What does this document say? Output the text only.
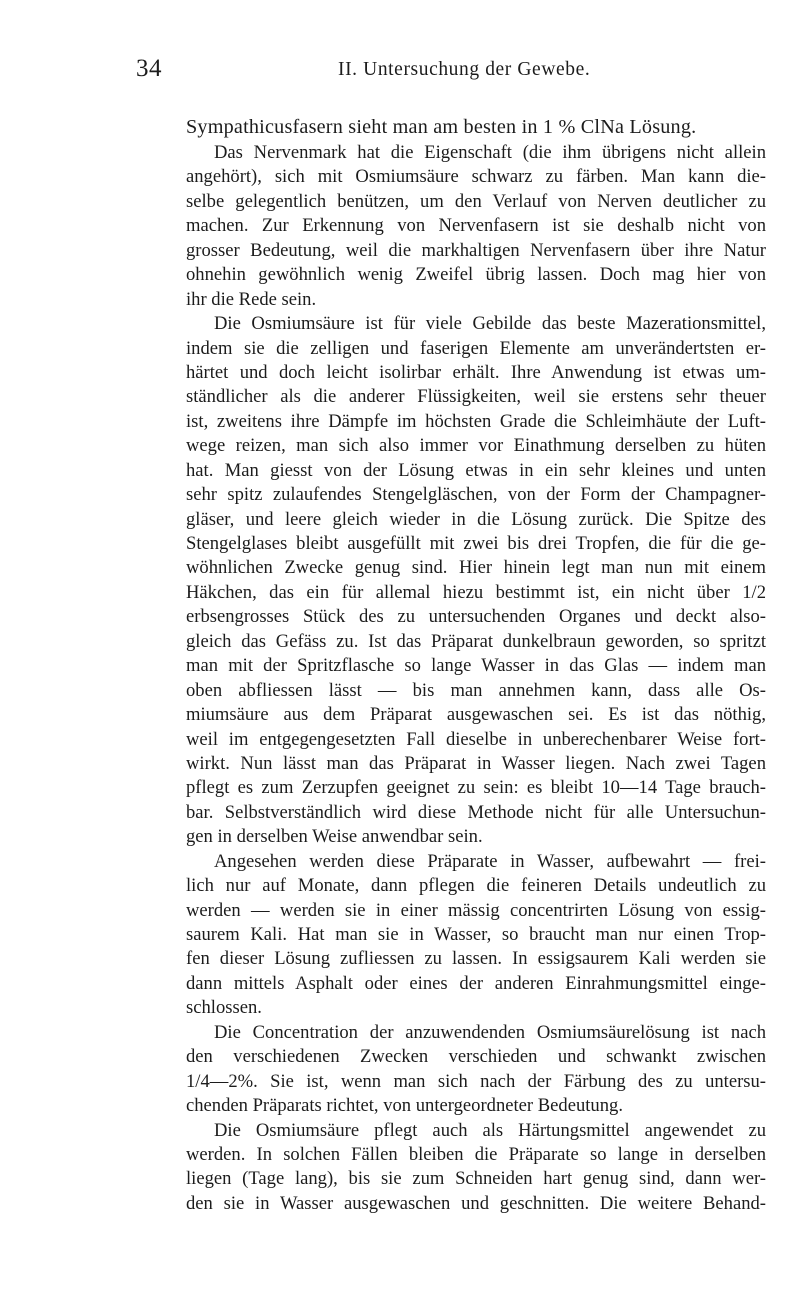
34	II. Untersuchung der Gewebe.
Sympathicusfasern sieht man am besten in 1 % ClNa Lösung.
Das Nervenmark hat die Eigenschaft (die ihm übrigens nicht allein
angehört), sich mit Osmiumsäure schwarz zu färben. Man kann die-
selbe gelegentlich benützen, um den Verlauf von Nerven deutlicher zu
machen. Zur Erkennung von Nervenfasern ist sie deshalb nicht von
grosser Bedeutung, weil die markhaltigen Nervenfasern über ihre Natur
ohnehin gewöhnlich wenig Zweifel übrig lassen. Doch mag hier von
ihr die Rede sein.
Die Osmiumsäure ist für viele Gebilde das beste Mazerationsmittel,
indem sie die zelligen und faserigen Elemente am unverändertsten er-
härtet und doch leicht isolirbar erhält. Ihre Anwendung ist etwas um-
ständlicher als die anderer Flüssigkeiten, weil sie erstens sehr theuer
ist, zweitens ihre Dämpfe im höchsten Grade die Schleimhäute der Luft-
wege reizen, man sich also immer vor Einathmung derselben zu hüten
hat. Man giesst von der Lösung etwas in ein sehr kleines und unten
sehr spitz zulaufendes Stengelgläschen, von der Form der Champagner-
gläser, und leere gleich wieder in die Lösung zurück. Die Spitze des
Stengelglases bleibt ausgefüllt mit zwei bis drei Tropfen, die für die ge-
wöhnlichen Zwecke genug sind. Hier hinein legt man nun mit einem
Häkchen, das ein für allemal hiezu bestimmt ist, ein nicht über 1/2
erbsengrosses Stück des zu untersuchenden Organes und deckt also-
gleich das Gefäss zu. Ist das Präparat dunkelbraun geworden, so spritzt
man mit der Spritzflasche so lange Wasser in das Glas — indem man
oben abfliessen lässt — bis man annehmen kann, dass alle Os-
miumsäure aus dem Präparat ausgewaschen sei. Es ist das nöthig,
weil im entgegengesetzten Fall dieselbe in unberechenbarer Weise fort-
wirkt. Nun lässt man das Präparat in Wasser liegen. Nach zwei Tagen
pflegt es zum Zerzupfen geeignet zu sein: es bleibt 10—14 Tage brauch-
bar. Selbstverständlich wird diese Methode nicht für alle Untersuchun-
gen in derselben Weise anwendbar sein.
Angesehen werden diese Präparate in Wasser, aufbewahrt — frei-
lich nur auf Monate, dann pflegen die feineren Details undeutlich zu
werden — werden sie in einer mässig concentrirten Lösung von essig-
saurem Kali. Hat man sie in Wasser, so braucht man nur einen Trop-
fen dieser Lösung zufliessen zu lassen. In essigsaurem Kali werden sie
dann mittels Asphalt oder eines der anderen Einrahmungsmittel einge-
schlossen.
Die Concentration der anzuwendenden Osmiumsäurelösung ist nach
den verschiedenen Zwecken verschieden und schwankt zwischen
1/4—2%. Sie ist, wenn man sich nach der Färbung des zu untersu-
chenden Präparats richtet, von untergeordneter Bedeutung.
Die Osmiumsäure pflegt auch als Härtungsmittel angewendet zu
werden. In solchen Fällen bleiben die Präparate so lange in derselben
liegen (Tage lang), bis sie zum Schneiden hart genug sind, dann wer-
den sie in Wasser ausgewaschen und geschnitten. Die weitere Behand-
